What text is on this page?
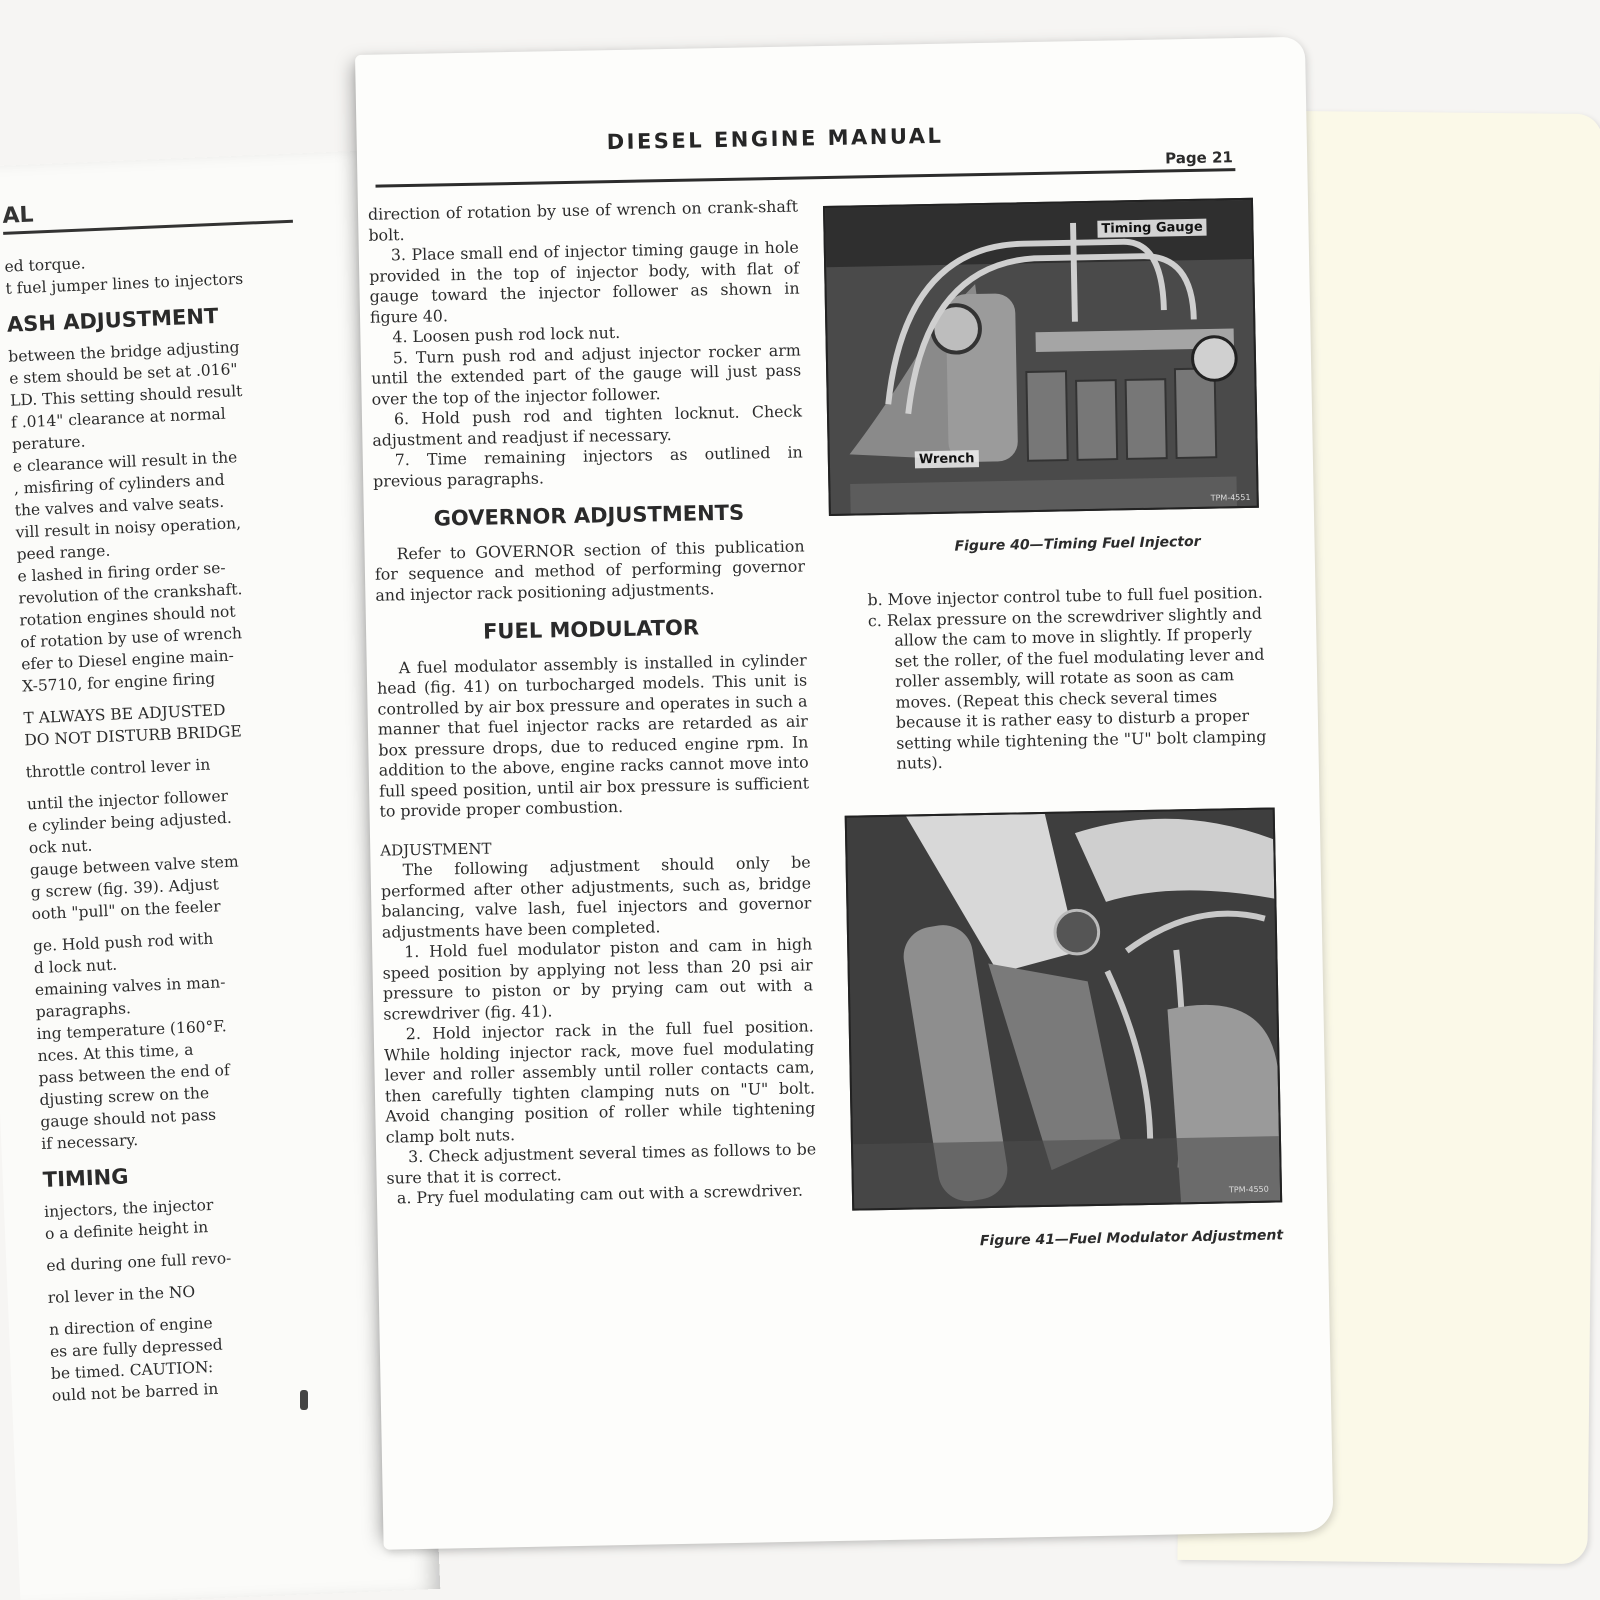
AL

ed torque.

t fuel jumper lines to injectors

ASH ADJUSTMENT

between the bridge adjusting

e stem should be set at .016"

LD. This setting should result

f .014" clearance at normal

perature.

e clearance will result in the

, misfiring of cylinders and

the valves and valve seats.

vill result in noisy operation,

peed range.

e lashed in firing order se-

revolution of the crankshaft.

rotation engines should not

of rotation by use of wrench

efer to Diesel engine main-

X-5710, for engine firing

T ALWAYS BE ADJUSTED

DO NOT DISTURB BRIDGE

throttle control lever in

until the injector follower

e cylinder being adjusted.

ock nut.

gauge between valve stem

g screw (fig. 39). Adjust

ooth "pull" on the feeler

ge. Hold push rod with

d lock nut.

emaining valves in man-

paragraphs.

ing temperature (160°F.

nces. At this time, a

pass between the end of

djusting screw on the

gauge should not pass

if necessary.

TIMING

injectors, the injector

o a definite height in

ed during one full revo-

rol lever in the NO

n direction of engine

es are fully depressed

be timed. CAUTION:

ould not be barred in

DIESEL ENGINE MANUAL
Page 21

direction of rotation by use of wrench on crank-shaft bolt.

3. Place small end of injector timing gauge in hole provided in the top of injector body, with flat of gauge toward the injector follower as shown in figure 40.

4. Loosen push rod lock nut.

5. Turn push rod and adjust injector rocker arm until the extended part of the gauge will just pass over the top of the injector follower.

6. Hold push rod and tighten locknut. Check adjustment and readjust if necessary.

7. Time remaining injectors as outlined in previous paragraphs.

GOVERNOR ADJUSTMENTS

Refer to GOVERNOR section of this publication for sequence and method of performing governor and injector rack positioning adjustments.

FUEL MODULATOR

A fuel modulator assembly is installed in cylinder head (fig. 41) on turbocharged models. This unit is controlled by air box pressure and operates in such a manner that fuel injector racks are retarded as air box pressure drops, due to reduced engine rpm. In addition to the above, engine racks cannot move into full speed position, until air box pressure is sufficient to provide proper combustion.

ADJUSTMENT

The following adjustment should only be performed after other adjustments, such as, bridge balancing, valve lash, fuel injectors and governor adjustments have been completed.

1. Hold fuel modulator piston and cam in high speed position by applying not less than 20 psi air pressure to piston or by prying cam out with a screwdriver (fig. 41).

2. Hold injector rack in the full fuel position. While holding injector rack, move fuel modulating lever and roller assembly until roller contacts cam, then carefully tighten clamping nuts on "U" bolt. Avoid changing position of roller while tightening clamp bolt nuts.

3. Check adjustment several times as follows to be sure that it is correct.

a. Pry fuel modulating cam out with a screwdriver.

Timing Gauge
Wrench
TPM-4551
Figure 40—Timing Fuel Injector

b. Move injector control tube to full fuel position.

c. Relax pressure on the screwdriver slightly and allow the cam to move in slightly. If properly set the roller, of the fuel modulating lever and roller assembly, will rotate as soon as cam moves. (Repeat this check several times because it is rather easy to disturb a proper setting while tightening the "U" bolt clamping nuts).

TPM-4550
Figure 41—Fuel Modulator Adjustment
